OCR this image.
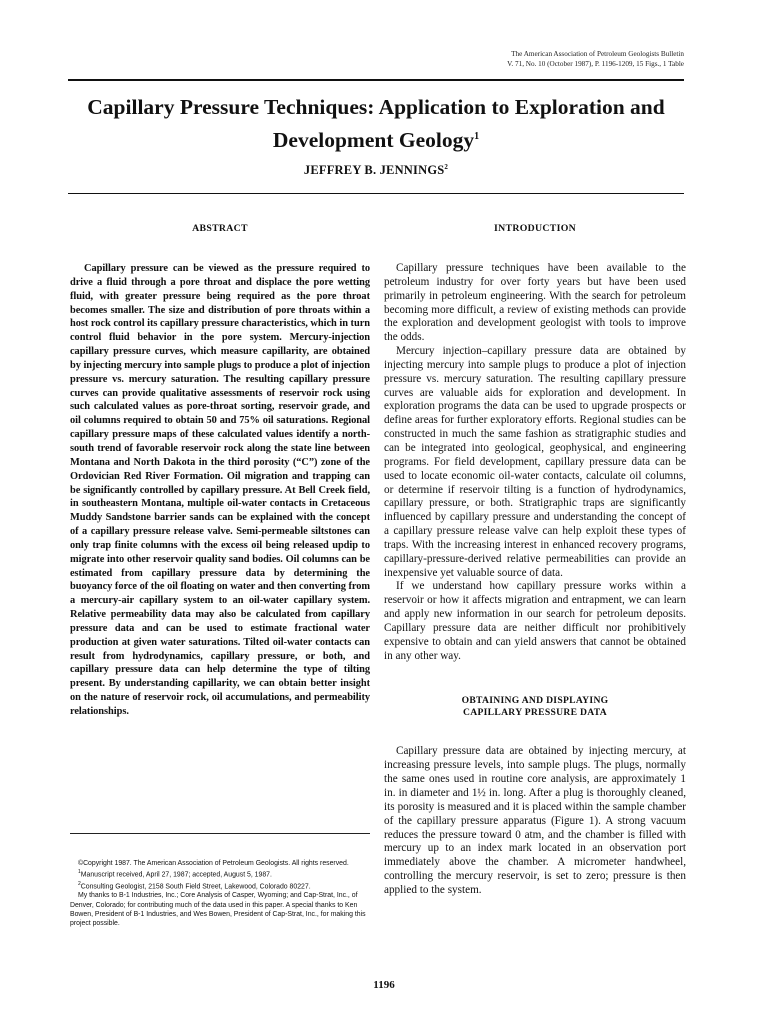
The American Association of Petroleum Geologists Bulletin
V. 71, No. 10 (October 1987), P. 1196-1209, 15 Figs., 1 Table
Capillary Pressure Techniques: Application to Exploration and
Development Geology$^1$
JEFFREY B. JENNINGS$^2$
ABSTRACT

Capillary pressure can be viewed as the pressure required to drive a fluid through a pore throat and displace the pore wetting fluid, with greater pressure being required as the pore throat becomes smaller. The size and distribution of pore throats within a host rock control its capillary pressure characteristics, which in turn control fluid behavior in the pore system. Mercury-injection capillary pressure curves, which measure capillarity, are obtained by injecting mercury into sample plugs to produce a plot of injection pressure vs. mercury saturation. The resulting capillary pressure curves can provide qualitative assessments of reservoir rock using such calculated values as pore-throat sorting, reservoir grade, and oil columns required to obtain 50 and 75% oil saturations. Regional capillary pressure maps of these calculated values identify a north-south trend of favorable reservoir rock along the state line between Montana and North Dakota in the third porosity (“C”) zone of the Ordovician Red River Formation. Oil migration and trapping can be significantly controlled by capillary pressure. At Bell Creek field, in southeastern Montana, multiple oil-water contacts in Cretaceous Muddy Sandstone barrier sands can be explained with the concept of a capillary pressure release valve. Semi-permeable siltstones can only trap finite columns with the excess oil being released updip to migrate into other reservoir quality sand bodies. Oil columns can be estimated from capillary pressure data by determining the buoyancy force of the oil floating on water and then converting from a mercury-air capillary system to an oil-water capillary system. Relative permeability data may also be calculated from capillary pressure data and can be used to estimate fractional water production at given water saturations. Tilted oil-water contacts can result from hydrodynamics, capillary pressure, or both, and capillary pressure data can help determine the type of tilting present. By understanding capillarity, we can obtain better insight on the nature of reservoir rock, oil accumulations, and permeability relationships.

©Copyright 1987. The American Association of Petroleum Geologists. All rights reserved.

$^1$Manuscript received, April 27, 1987; accepted, August 5, 1987.

$^2$Consulting Geologist, 2158 South Field Street, Lakewood, Colorado 80227.

My thanks to B-1 Industries, Inc.; Core Analysis of Casper, Wyoming; and Cap-Strat, Inc., of Denver, Colorado; for contributing much of the data used in this paper. A special thanks to Ken Bowen, President of B-1 Industries, and Wes Bowen, President of Cap-Strat, Inc., for making this project possible.

INTRODUCTION

Capillary pressure techniques have been available to the petroleum industry for over forty years but have been used primarily in petroleum engineering. With the search for petroleum becoming more difficult, a review of existing methods can provide the exploration and development geologist with tools to improve the odds.

Mercury injection–capillary pressure data are obtained by injecting mercury into sample plugs to produce a plot of injection pressure vs. mercury saturation. The resulting capillary pressure curves are valuable aids for exploration and development. In exploration programs the data can be used to upgrade prospects or define areas for further exploratory efforts. Regional studies can be constructed in much the same fashion as stratigraphic studies and can be integrated into geological, geophysical, and engineering programs. For field development, capillary pressure data can be used to locate economic oil-water contacts, calculate oil columns, or determine if reservoir tilting is a function of hydrodynamics, capillary pressure, or both. Stratigraphic traps are significantly influenced by capillary pressure and understanding the concept of a capillary pressure release valve can help exploit these types of traps. With the increasing interest in enhanced recovery programs, capillary-pressure-derived relative permeabilities can provide an inexpensive yet valuable source of data.

If we understand how capillary pressure works within a reservoir or how it affects migration and entrapment, we can learn and apply new information in our search for petroleum deposits. Capillary pressure data are neither difficult nor prohibitively expensive to obtain and can yield answers that cannot be obtained in any other way.

OBTAINING AND DISPLAYING
CAPILLARY PRESSURE DATA

Capillary pressure data are obtained by injecting mercury, at increasing pressure levels, into sample plugs. The plugs, normally the same ones used in routine core analysis, are approximately 1 in. in diameter and 1½ in. long. After a plug is thoroughly cleaned, its porosity is measured and it is placed within the sample chamber of the capillary pressure apparatus (Figure 1). A strong vacuum reduces the pressure toward 0 atm, and the chamber is filled with mercury up to an index mark located in an observation port immediately above the chamber. A micrometer handwheel, controlling the mercury reservoir, is set to zero; pressure is then applied to the system.

1196
